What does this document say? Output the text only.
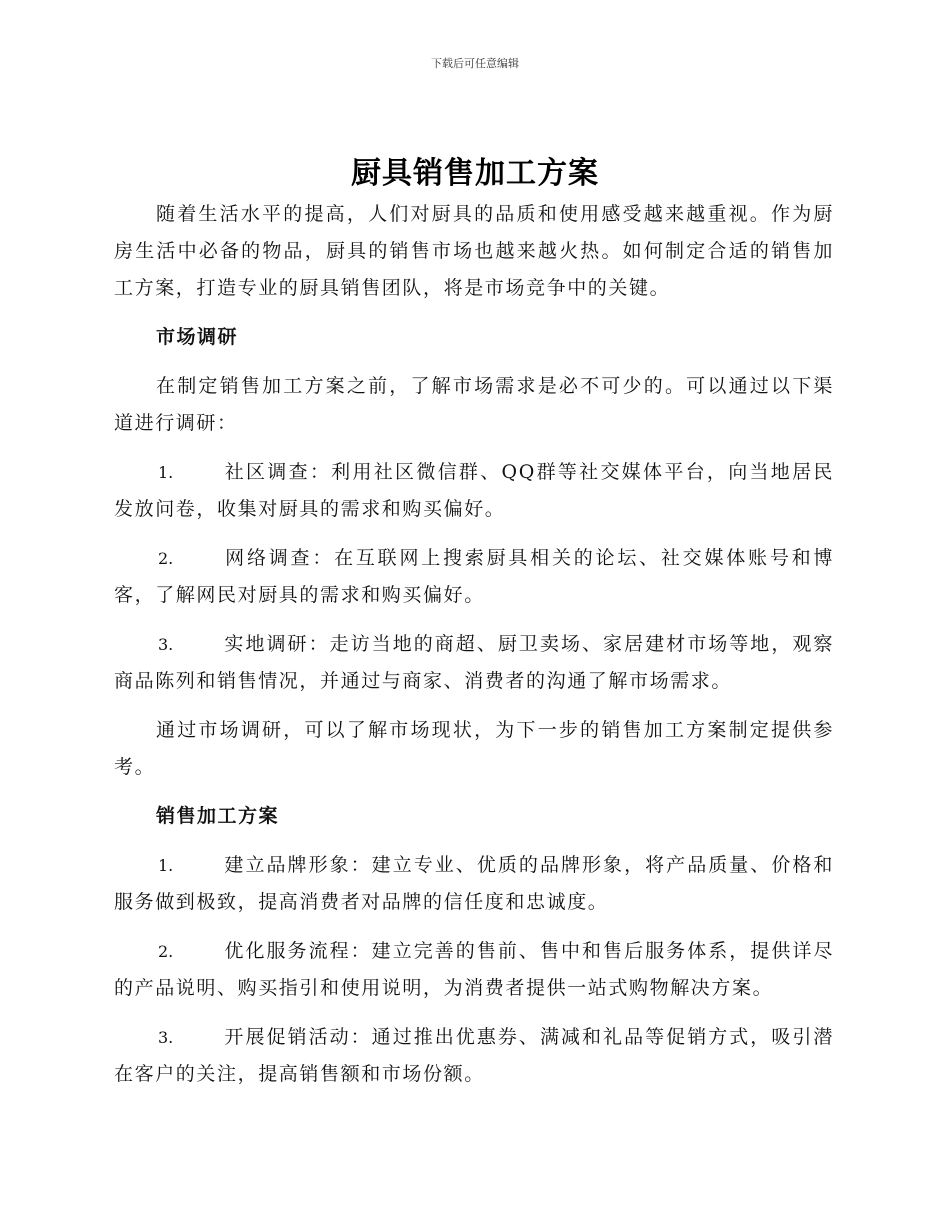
下载后可任意编辑
厨具销售加工方案

随着生活水平的提高，人们对厨具的品质和使用感受越来越重视。作为厨房生活中必备的物品，厨具的销售市场也越来越火热。如何制定合适的销售加工方案，打造专业的厨具销售团队，将是市场竞争中的关键。

市场调研

在制定销售加工方案之前，了解市场需求是必不可少的。可以通过以下渠道进行调研：

1.	社区调查：利用社区微信群、QQ群等社交媒体平台，向当地居民发放问卷，收集对厨具的需求和购买偏好。
2.	网络调查：在互联网上搜索厨具相关的论坛、社交媒体账号和博客，了解网民对厨具的需求和购买偏好。
3.	实地调研：走访当地的商超、厨卫卖场、家居建材市场等地，观察商品陈列和销售情况，并通过与商家、消费者的沟通了解市场需求。

通过市场调研，可以了解市场现状，为下一步的销售加工方案制定提供参考。

销售加工方案
1.	建立品牌形象：建立专业、优质的品牌形象，将产品质量、价格和服务做到极致，提高消费者对品牌的信任度和忠诚度。
2.	优化服务流程：建立完善的售前、售中和售后服务体系，提供详尽的产品说明、购买指引和使用说明，为消费者提供一站式购物解决方案。
3.	开展促销活动：通过推出优惠券、满减和礼品等促销方式，吸引潜在客户的关注，提高销售额和市场份额。
